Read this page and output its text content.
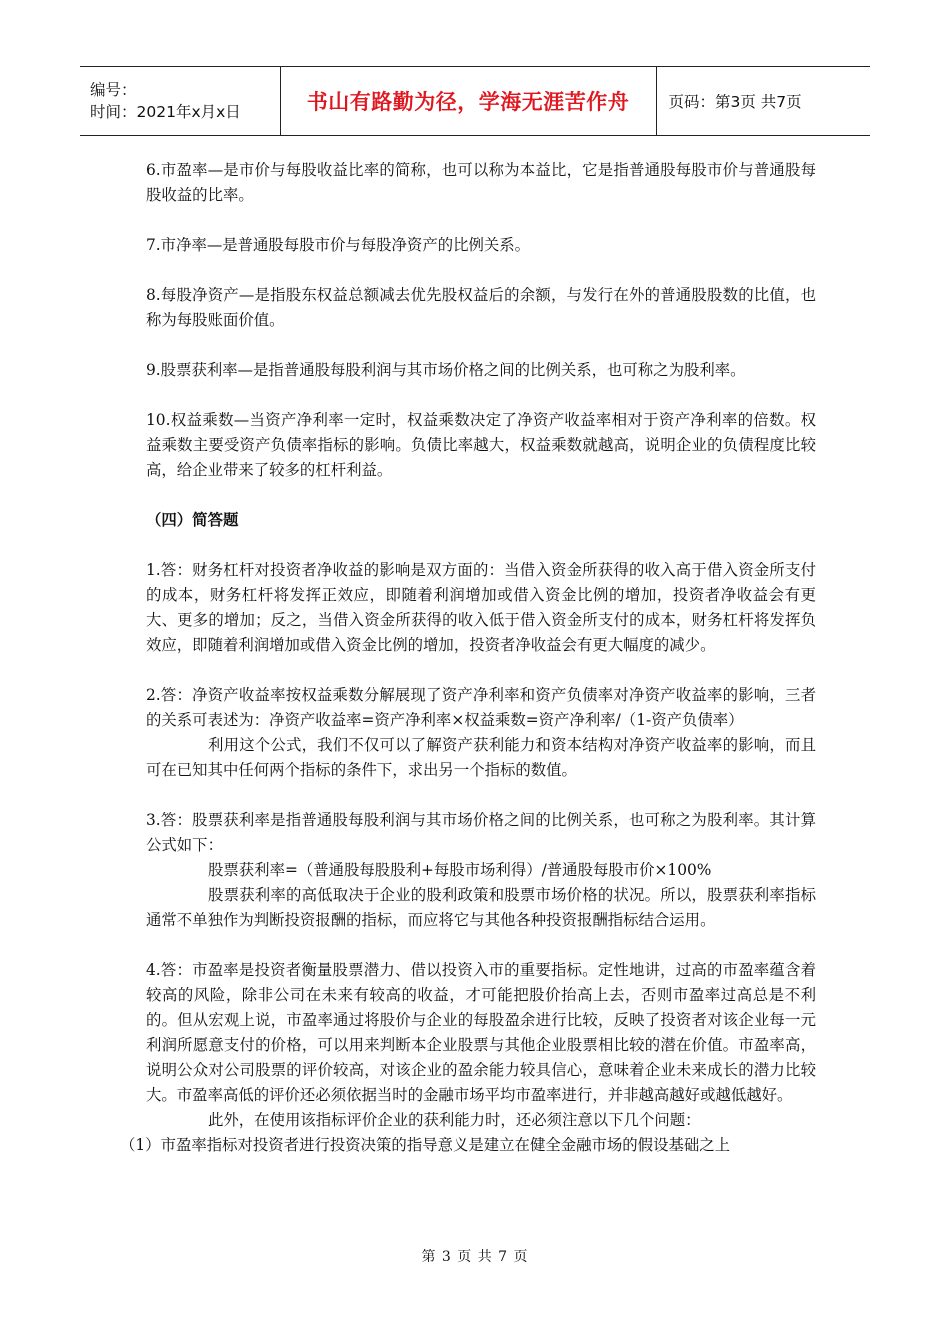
编号：
时间：2021年x月x日	书山有路勤为径，学海无涯苦作舟	页码：第3页 共7页

6.市盈率—是市价与每股收益比率的简称，也可以称为本益比，它是指普通股每股市价与普通股每股收益的比率。

7.市净率—是普通股每股市价与每股净资产的比例关系。

8.每股净资产—是指股东权益总额减去优先股权益后的余额，与发行在外的普通股股数的比值，也称为每股账面价值。

9.股票获利率—是指普通股每股利润与其市场价格之间的比例关系，也可称之为股利率。

10.权益乘数—当资产净利率一定时，权益乘数决定了净资产收益率相对于资产净利率的倍数。权益乘数主要受资产负债率指标的影响。负债比率越大，权益乘数就越高，说明企业的负债程度比较高，给企业带来了较多的杠杆利益。

（四）简答题

1.答：财务杠杆对投资者净收益的影响是双方面的：当借入资金所获得的收入高于借入资金所支付的成本，财务杠杆将发挥正效应，即随着利润增加或借入资金比例的增加，投资者净收益会有更大、更多的增加；反之，当借入资金所获得的收入低于借入资金所支付的成本，财务杠杆将发挥负效应，即随着利润增加或借入资金比例的增加，投资者净收益会有更大幅度的减少。

2.答：净资产收益率按权益乘数分解展现了资产净利率和资产负债率对净资产收益率的影响，三者的关系可表述为：净资产收益率=资产净利率×权益乘数=资产净利率/（1-资产负债率）

利用这个公式，我们不仅可以了解资产获利能力和资本结构对净资产收益率的影响，而且可在已知其中任何两个指标的条件下，求出另一个指标的数值。

3.答：股票获利率是指普通股每股利润与其市场价格之间的比例关系，也可称之为股利率。其计算公式如下：

股票获利率=（普通股每股股利+每股市场利得）/普通股每股市价×100%

股票获利率的高低取决于企业的股利政策和股票市场价格的状况。所以，股票获利率指标通常不单独作为判断投资报酬的指标，而应将它与其他各种投资报酬指标结合运用。

4.答：市盈率是投资者衡量股票潜力、借以投资入市的重要指标。定性地讲，过高的市盈率蕴含着较高的风险，除非公司在未来有较高的收益，才可能把股价抬高上去，否则市盈率过高总是不利的。但从宏观上说，市盈率通过将股价与企业的每股盈余进行比较，反映了投资者对该企业每一元利润所愿意支付的价格，可以用来判断本企业股票与其他企业股票相比较的潜在价值。市盈率高，说明公众对公司股票的评价较高，对该企业的盈余能力较具信心，意味着企业未来成长的潜力比较大。市盈率高低的评价还必须依据当时的金融市场平均市盈率进行，并非越高越好或越低越好。

此外，在使用该指标评价企业的获利能力时，还必须注意以下几个问题：

（1）市盈率指标对投资者进行投资决策的指导意义是建立在健全金融市场的假设基础之上

第 3 页 共 7 页
